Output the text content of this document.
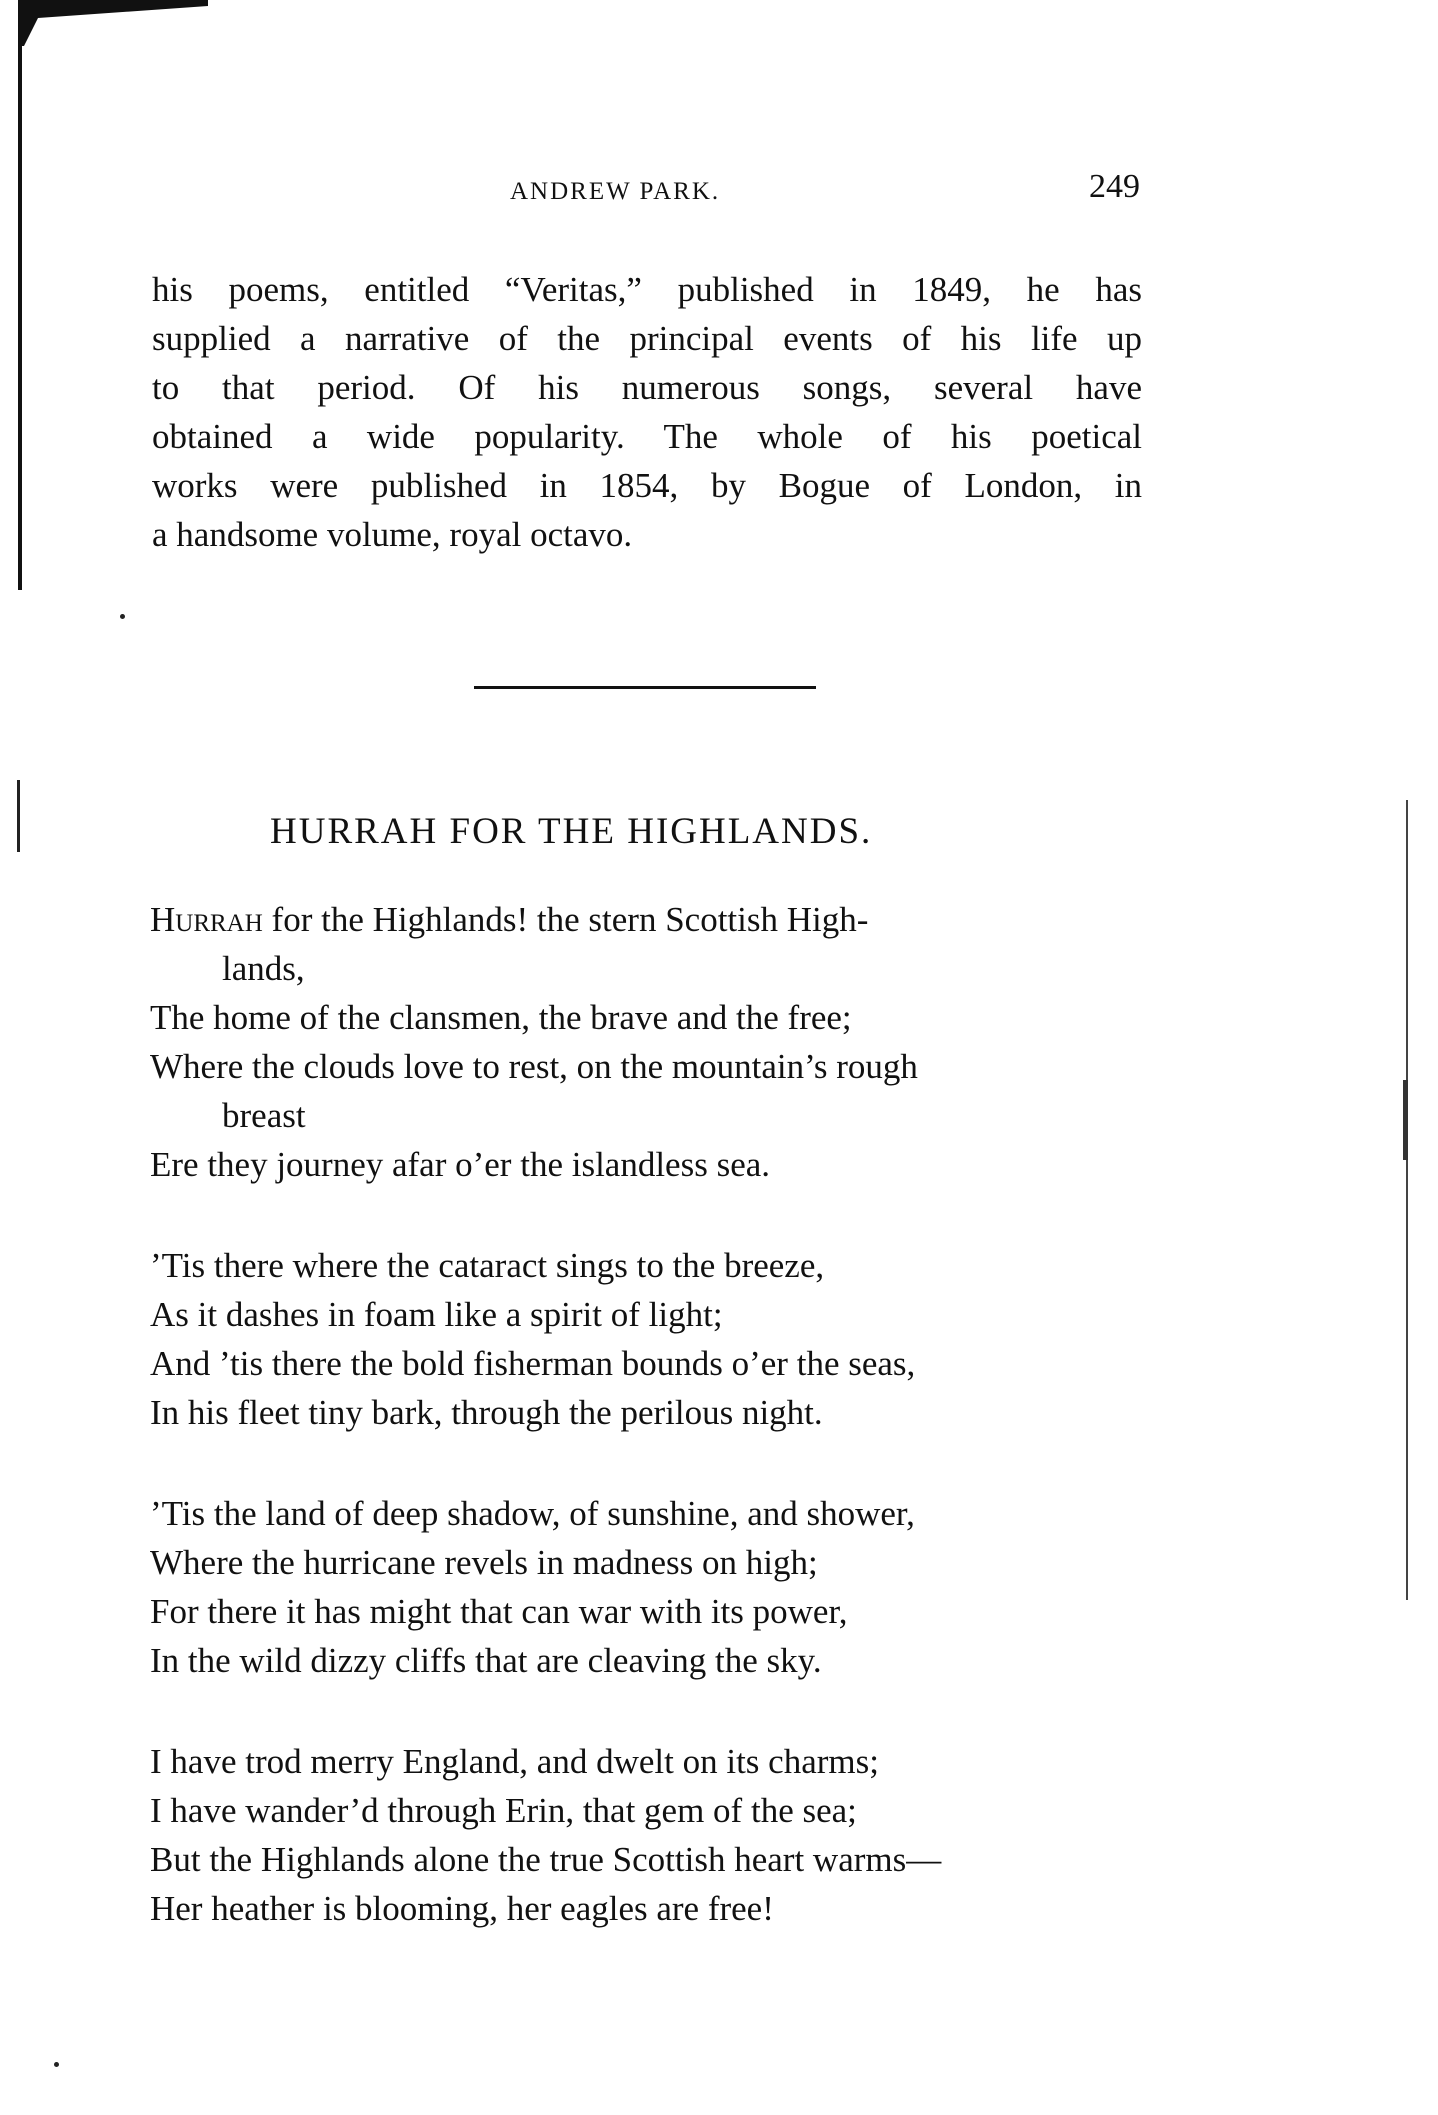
ANDREW PARK.	249
his poems, entitled “Veritas,” published in 1849, he has
supplied a narrative of the principal events of his life up
to that period. Of his numerous songs, several have
obtained a wide popularity. The whole of his poetical
works were published in 1854, by Bogue of London, in
a handsome volume, royal octavo.
HURRAH FOR THE HIGHLANDS.
Hurrah for the Highlands! the stern Scottish High-
lands,
The home of the clansmen, the brave and the free;
Where the clouds love to rest, on the mountain’s rough
breast
Ere they journey afar o’er the islandless sea.
’Tis there where the cataract sings to the breeze,
As it dashes in foam like a spirit of light;
And ’tis there the bold fisherman bounds o’er the seas,
In his fleet tiny bark, through the perilous night.
’Tis the land of deep shadow, of sunshine, and shower,
Where the hurricane revels in madness on high;
For there it has might that can war with its power,
In the wild dizzy cliffs that are cleaving the sky.
I have trod merry England, and dwelt on its charms;
I have wander’d through Erin, that gem of the sea;
But the Highlands alone the true Scottish heart warms—
Her heather is blooming, her eagles are free!
